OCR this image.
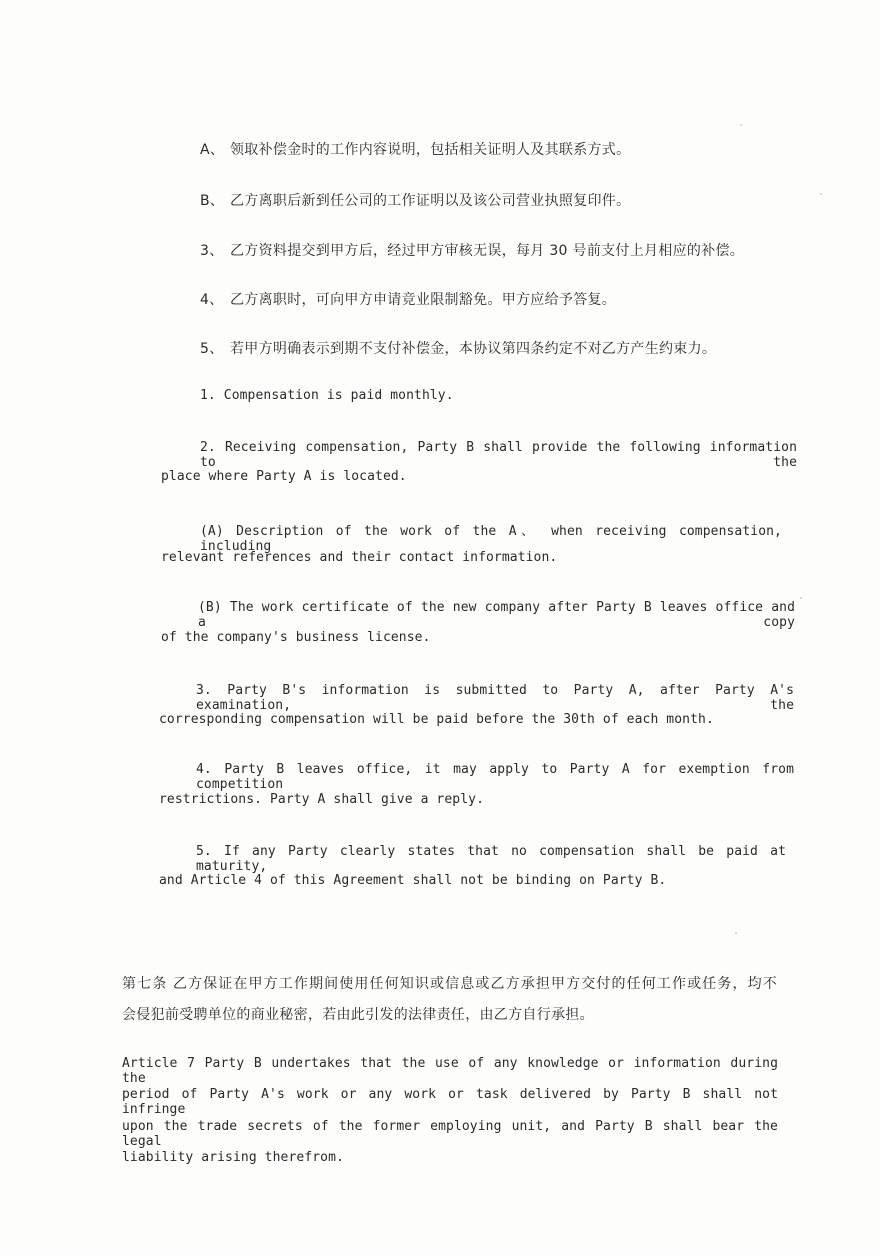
A、 领取补偿金时的工作内容说明，包括相关证明人及其联系方式。
B、 乙方离职后新到任公司的工作证明以及该公司营业执照复印件。
3、 乙方资料提交到甲方后，经过甲方审核无误，每月 30 号前支付上月相应的补偿。
4、 乙方离职时，可向甲方申请竞业限制豁免。甲方应给予答复。
5、 若甲方明确表示到期不支付补偿金，本协议第四条约定不对乙方产生约束力。
1. Compensation is paid monthly.
2. Receiving compensation, Party B shall provide the following information to the
place where Party A is located.
(A) Description of the work of the A、 when receiving compensation, including
relevant references and their contact information.
(B) The work certificate of the new company after Party B leaves office and a copy
of the company's business license.
3. Party B's information is submitted to Party A, after Party A's examination, the
corresponding compensation will be paid before the 30th of each month.
4. Party B leaves office, it may apply to Party A for exemption from competition
restrictions. Party A shall give a reply.
5. If any Party clearly states that no compensation shall be paid at maturity,
and Article 4 of this Agreement shall not be binding on Party B.
第七条 乙方保证在甲方工作期间使用任何知识或信息或乙方承担甲方交付的任何工作或任务，均不
会侵犯前受聘单位的商业秘密，若由此引发的法律责任，由乙方自行承担。
Article 7 Party B undertakes that the use of any knowledge or information during the
period of Party A's work or any work or task delivered by Party B shall not infringe
upon the trade secrets of the former employing unit, and Party B shall bear the legal
liability arising therefrom.
